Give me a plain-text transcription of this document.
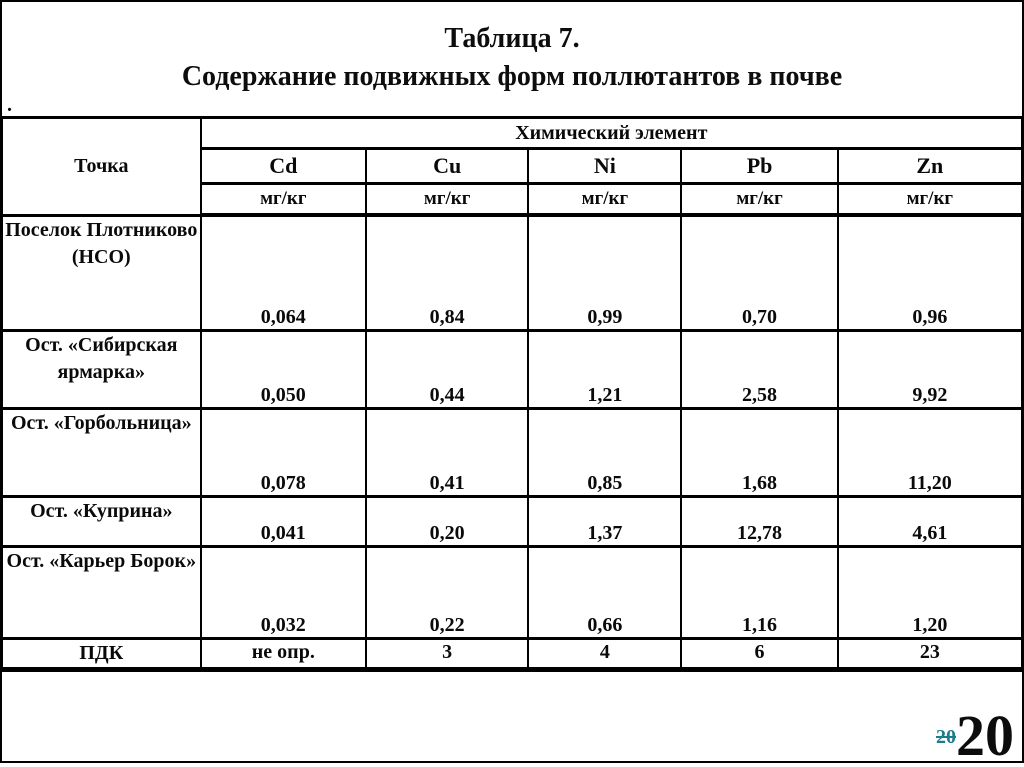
Таблица 7.
Содержание подвижных форм поллютантов в почве
.
Точка	Химический элемент				
	Cd	Cu	Ni	Pb	Zn
	мг/кг	мг/кг	мг/кг	мг/кг	мг/кг
Поселок Плотниково (НСО)	0,064	0,84	0,99	0,70	0,96
Ост. «Сибирская ярмарка»	0,050	0,44	1,21	2,58	9,92
Ост. «Горбольница»	0,078	0,41	0,85	1,68	11,20
Ост. «Куприна»	0,041	0,20	1,37	12,78	4,61
Ост. «Карьер Борок»	0,032	0,22	0,66	1,16	1,20
ПДК	не опр.	3	4	6	23
20 20
